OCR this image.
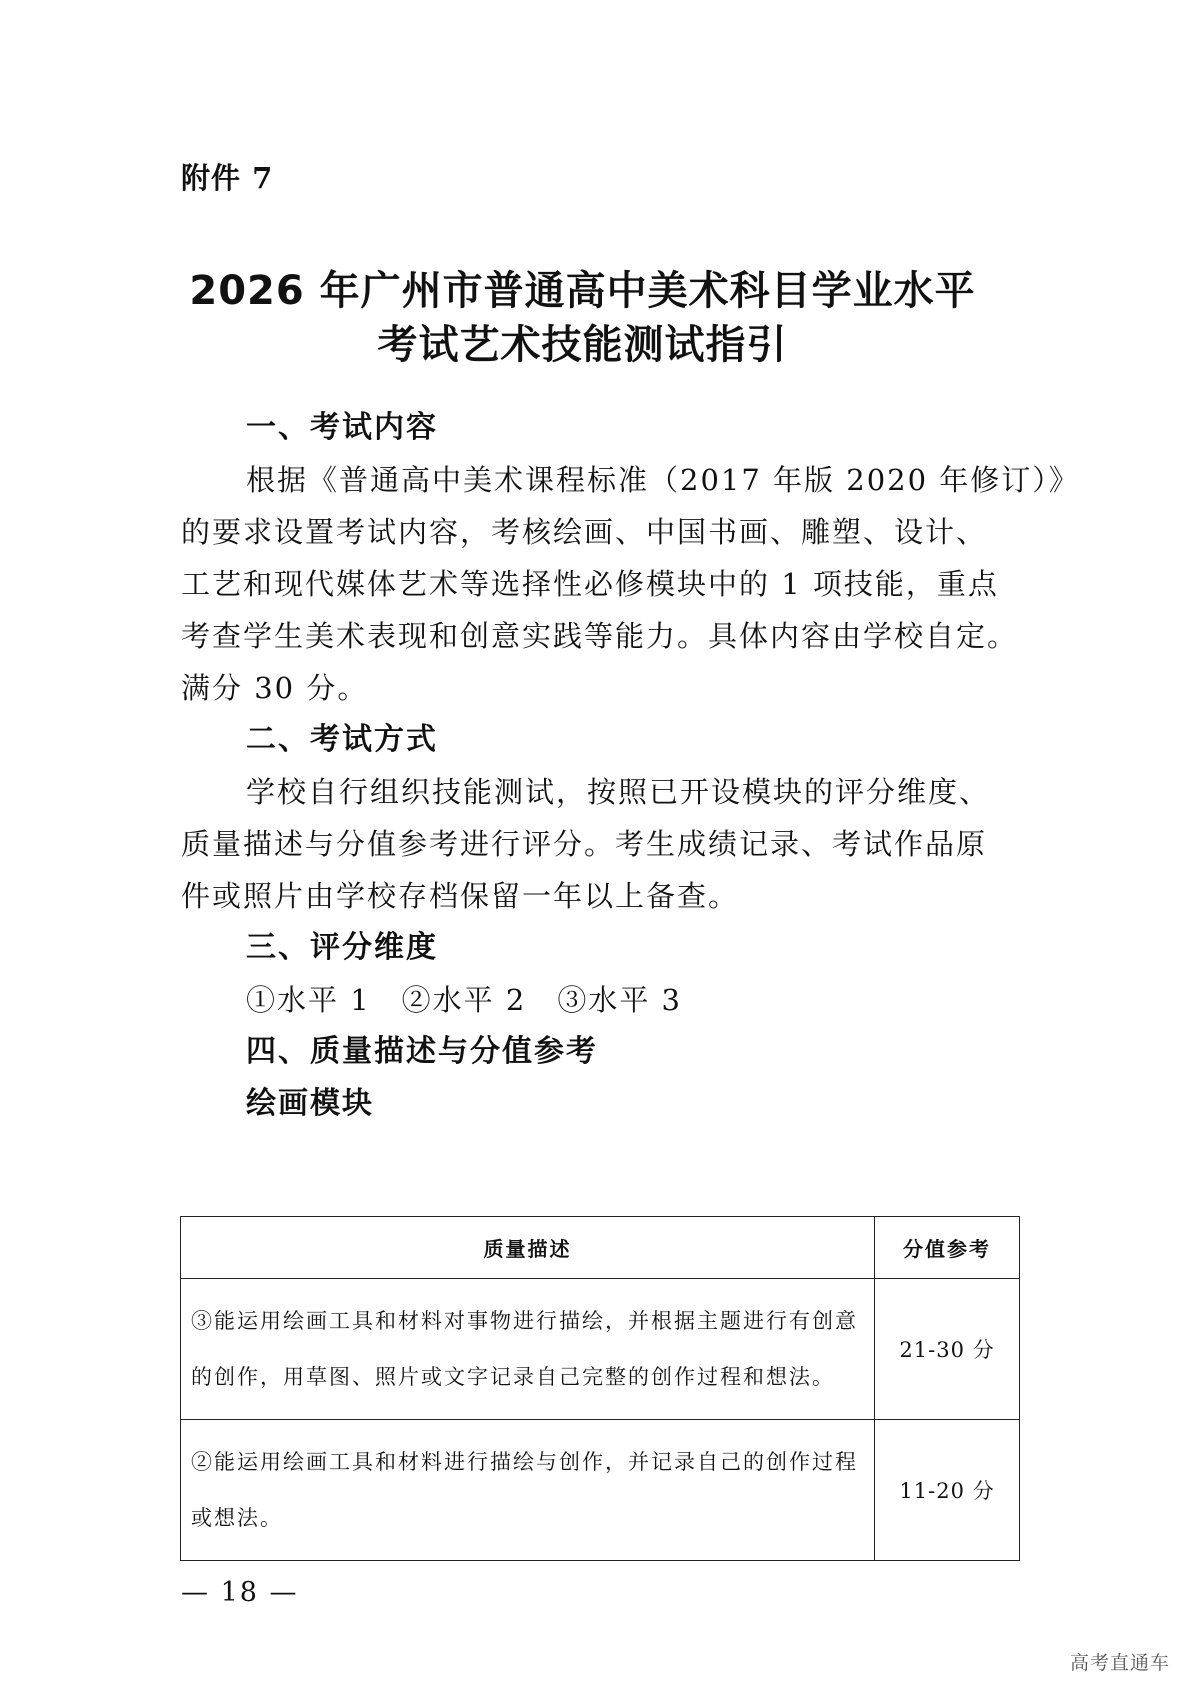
附件 7
2026 年广州市普通高中美术科目学业水平
考试艺术技能测试指引
一、考试内容
根据《普通高中美术课程标准（2017 年版 2020 年修订）》
的要求设置考试内容，考核绘画、中国书画、雕塑、设计、
工艺和现代媒体艺术等选择性必修模块中的 1 项技能，重点
考查学生美术表现和创意实践等能力。具体内容由学校自定。
满分 30 分。
二、考试方式
学校自行组织技能测试，按照已开设模块的评分维度、
质量描述与分值参考进行评分。考生成绩记录、考试作品原
件或照片由学校存档保留一年以上备查。
三、评分维度
①水平 1　②水平 2　③水平 3
四、质量描述与分值参考
绘画模块
质量描述	分值参考
③能运用绘画工具和材料对事物进行描绘，并根据主题进行有创意的创作，用草图、照片或文字记录自己完整的创作过程和想法。	21-30 分
②能运用绘画工具和材料进行描绘与创作，并记录自己的创作过程或想法。	11-20 分
— 18 —
高考直通车
